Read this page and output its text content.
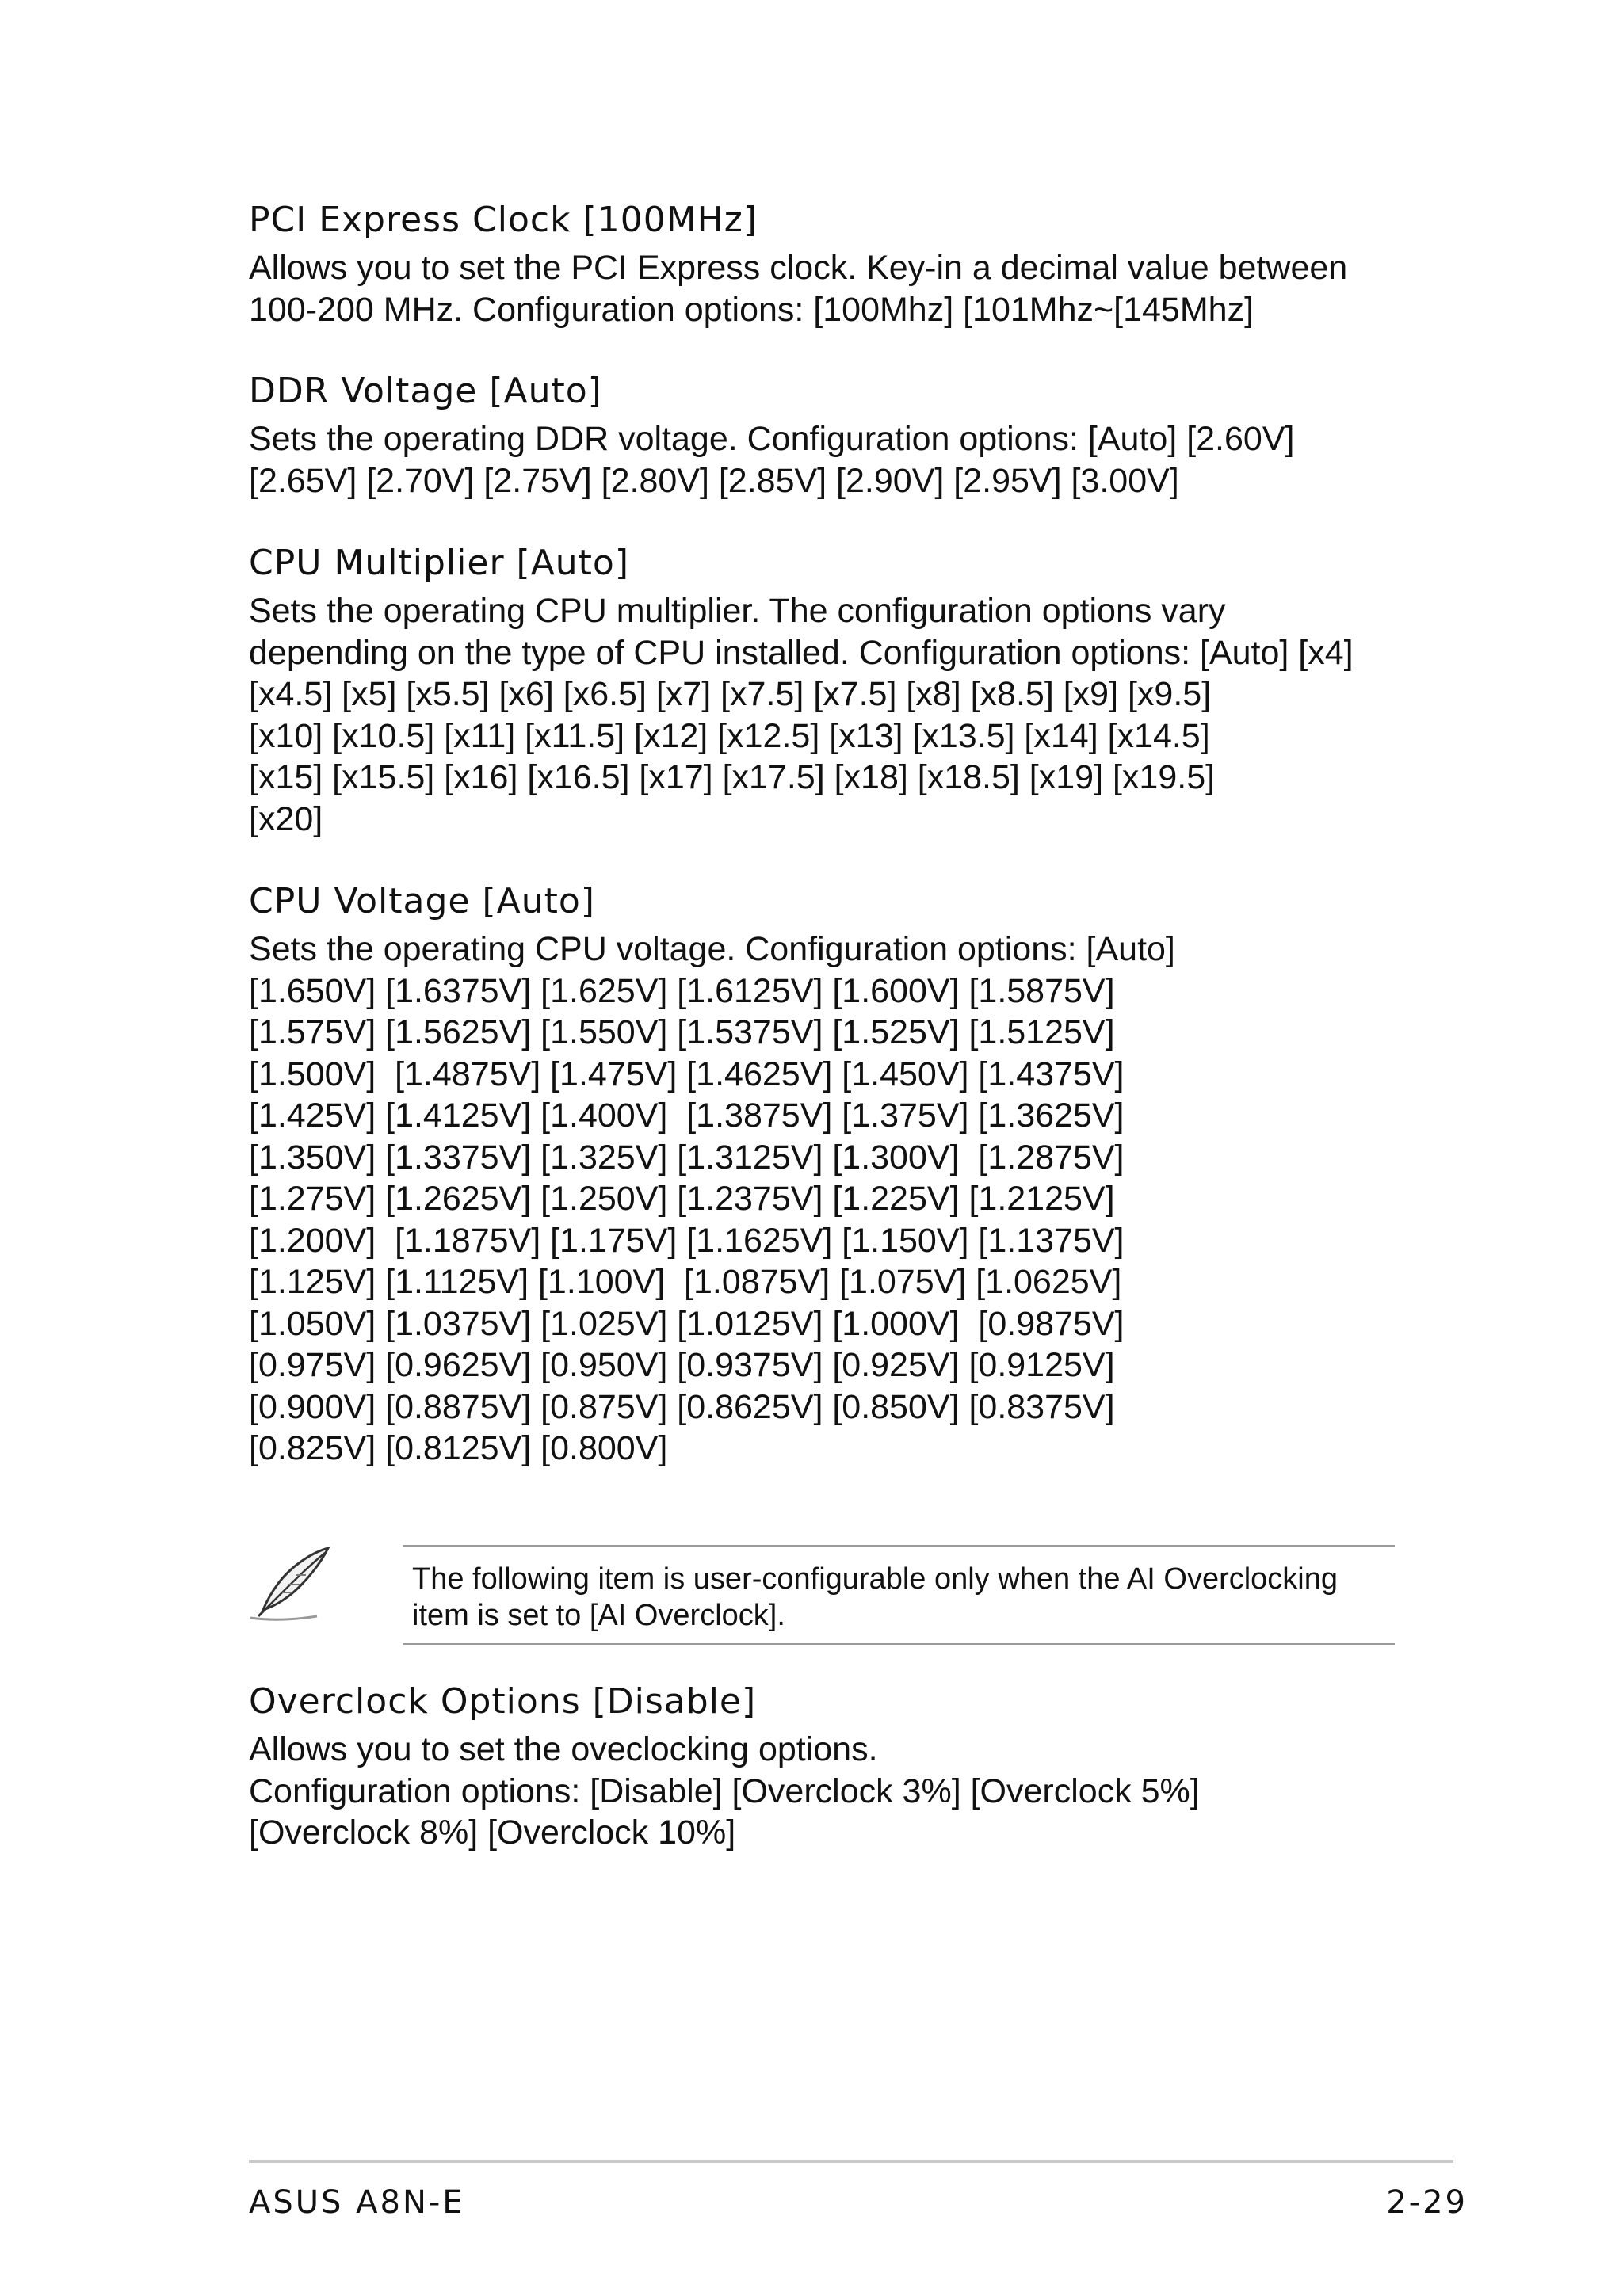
PCI Express Clock [100MHz]

Allows you to set the PCI Express clock. Key-in a decimal value between
100-200 MHz. Configuration options: [100Mhz] [101Mhz~[145Mhz]

DDR Voltage [Auto]

Sets the operating DDR voltage. Configuration options: [Auto] [2.60V]
[2.65V] [2.70V] [2.75V] [2.80V] [2.85V] [2.90V] [2.95V] [3.00V]

CPU Multiplier [Auto]

Sets the operating CPU multiplier. The configuration options vary
depending on the type of CPU installed. Configuration options: [Auto] [x4]
[x4.5] [x5] [x5.5] [x6] [x6.5] [x7] [x7.5] [x7.5] [x8] [x8.5] [x9] [x9.5]
[x10] [x10.5] [x11] [x11.5] [x12] [x12.5] [x13] [x13.5] [x14] [x14.5]
[x15] [x15.5] [x16] [x16.5] [x17] [x17.5] [x18] [x18.5] [x19] [x19.5]
[x20]

CPU Voltage [Auto]

Sets the operating CPU voltage. Configuration options: [Auto]
[1.650V] [1.6375V] [1.625V] [1.6125V] [1.600V] [1.5875V]
[1.575V] [1.5625V] [1.550V] [1.5375V] [1.525V] [1.5125V]
[1.500V]  [1.4875V] [1.475V] [1.4625V] [1.450V] [1.4375V]
[1.425V] [1.4125V] [1.400V]  [1.3875V] [1.375V] [1.3625V]
[1.350V] [1.3375V] [1.325V] [1.3125V] [1.300V]  [1.2875V]
[1.275V] [1.2625V] [1.250V] [1.2375V] [1.225V] [1.2125V]
[1.200V]  [1.1875V] [1.175V] [1.1625V] [1.150V] [1.1375V]
[1.125V] [1.1125V] [1.100V]  [1.0875V] [1.075V] [1.0625V]
[1.050V] [1.0375V] [1.025V] [1.0125V] [1.000V]  [0.9875V]
[0.975V] [0.9625V] [0.950V] [0.9375V] [0.925V] [0.9125V]
[0.900V] [0.8875V] [0.875V] [0.8625V] [0.850V] [0.8375V]
[0.825V] [0.8125V] [0.800V]

The following item is user-configurable only when the AI Overclocking
item is set to [AI Overclock].

Overclock Options [Disable]

Allows you to set the oveclocking options.
Configuration options: [Disable] [Overclock 3%] [Overclock 5%]
[Overclock 8%] [Overclock 10%]

ASUS A8N-E	2-29
